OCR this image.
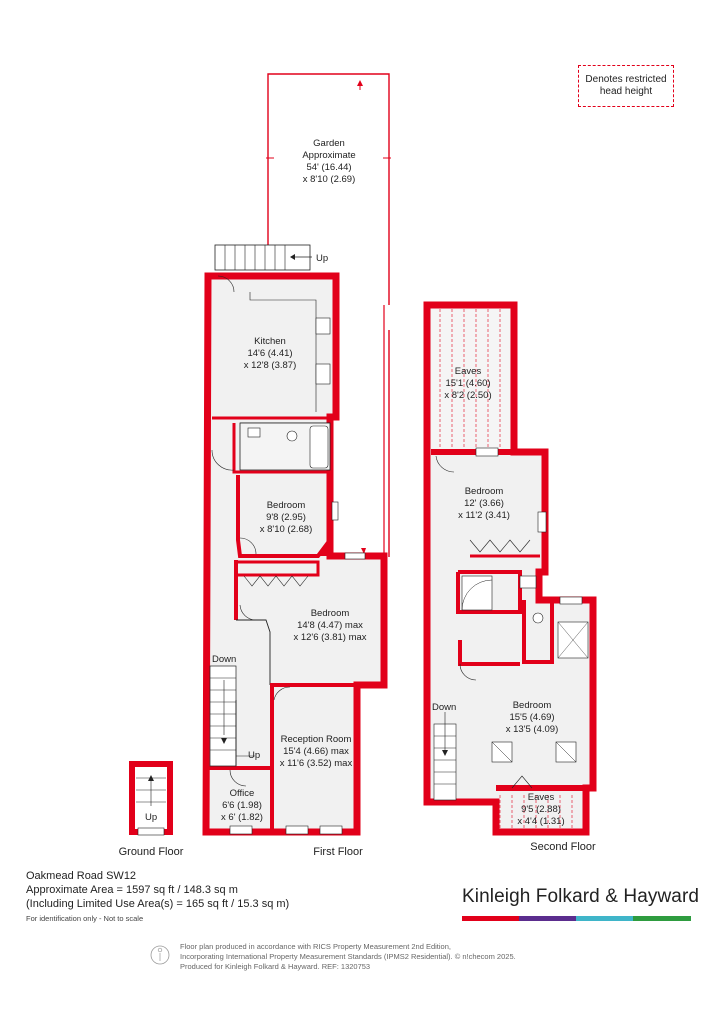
Garden
Approximate
54' (16.44)
x 8'10 (2.69)
Kitchen
14'6 (4.41)
x 12'8 (3.87)
Bedroom
9'8 (2.95)
x 8'10 (2.68)
Bedroom
14'8 (4.47) max
x 12'6 (3.81) max
Reception Room
15'4 (4.66) max
x 11'6 (3.52) max
Office
6'6 (1.98)
x 6' (1.82)
Eaves
15'1 (4.60)
x 8'2 (2.50)
Bedroom
12' (3.66)
x 11'2 (3.41)
Bedroom
15'5 (4.69)
x 13'5 (4.09)
Eaves
9'5 (2.88)
x 4'4 (1.31)
Up
Down
Up
Up
Down
Ground Floor	First Floor	Second Floor
Denotes restricted
head height
Oakmead Road SW12
Approximate Area = 1597 sq ft / 148.3 sq m
(Including Limited Use Area(s) = 165 sq ft / 15.3 sq m)
For identification only - Not to scale
Kinleigh Folkard & Hayward
Floor plan produced in accordance with RICS Property Measurement 2nd Edition,
Incorporating International Property Measurement Standards (IPMS2 Residential). © n!checom 2025.
Produced for Kinleigh Folkard & Hayward. REF: 1320753
